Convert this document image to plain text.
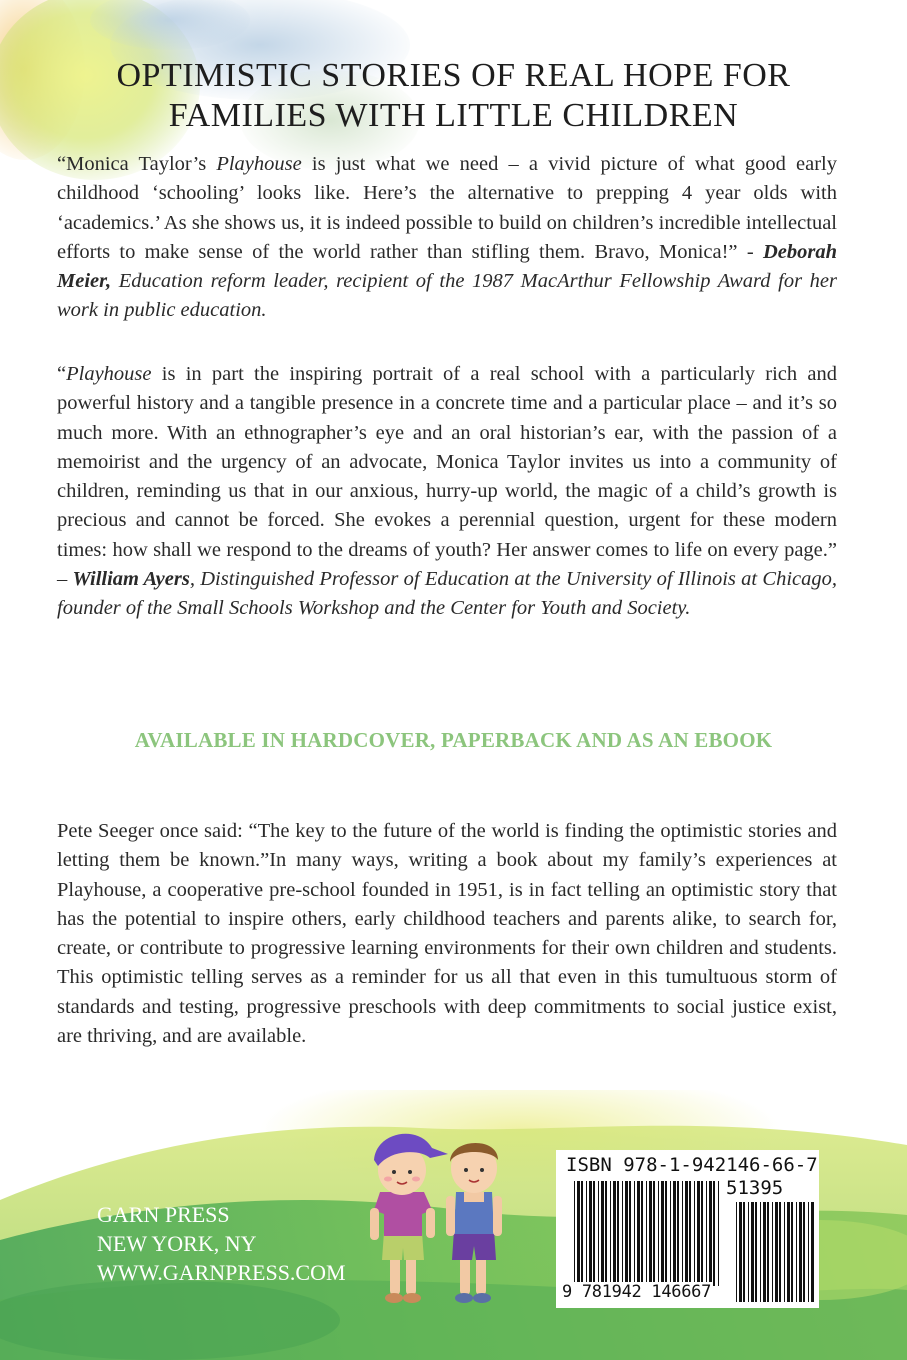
OPTIMISTIC STORIES OF REAL HOPE FOR
FAMILIES WITH LITTLE CHILDREN

“Monica Taylor’s Playhouse is just what we need – a vivid picture of what good early childhood ‘schooling’ looks like. Here’s the alternative to prepping 4 year olds with ‘academics.’ As she shows us, it is indeed possible to build on children’s incredible intellectual efforts to make sense of the world rather than stifling them. Bravo, Monica!” - Deborah Meier, Education reform leader, recipient of the 1987 MacArthur Fellowship Award for her work in public education.

“Playhouse is in part the inspiring portrait of a real school with a particularly rich and powerful history and a tangible presence in a concrete time and a particular place – and it’s so much more. With an ethnographer’s eye and an oral historian’s ear, with the passion of a memoirist and the urgency of an advocate, Monica Taylor invites us into a community of children, reminding us that in our anxious, hurry-up world, the magic of a child’s growth is precious and cannot be forced. She evokes a perennial question, urgent for these modern times: how shall we respond to the dreams of youth? Her answer comes to life on every page.” – William Ayers, Distinguished Professor of Education at the University of Illinois at Chicago, founder of the Small Schools Workshop and the Center for Youth and Society.

AVAILABLE IN HARDCOVER, PAPERBACK AND AS AN EBOOK

Pete Seeger once said: “The key to the future of the world is finding the optimistic stories and letting them be known.”In many ways, writing a book about my family’s experiences at Playhouse, a cooperative pre-school founded in 1951, is in fact telling an optimistic story that has the potential to inspire others, early childhood teachers and parents alike, to search for, create, or contribute to progressive learning environments for their own children and students. This optimistic telling serves as a reminder for us all that even in this tumultuous storm of standards and testing, progressive preschools with deep commitments to social justice exist, are thriving, and are available.

GARN PRESS
NEW YORK, NY
WWW.GARNPRESS.COM
ISBN 978-1-942146-66-7
51395
9 781942 146667
